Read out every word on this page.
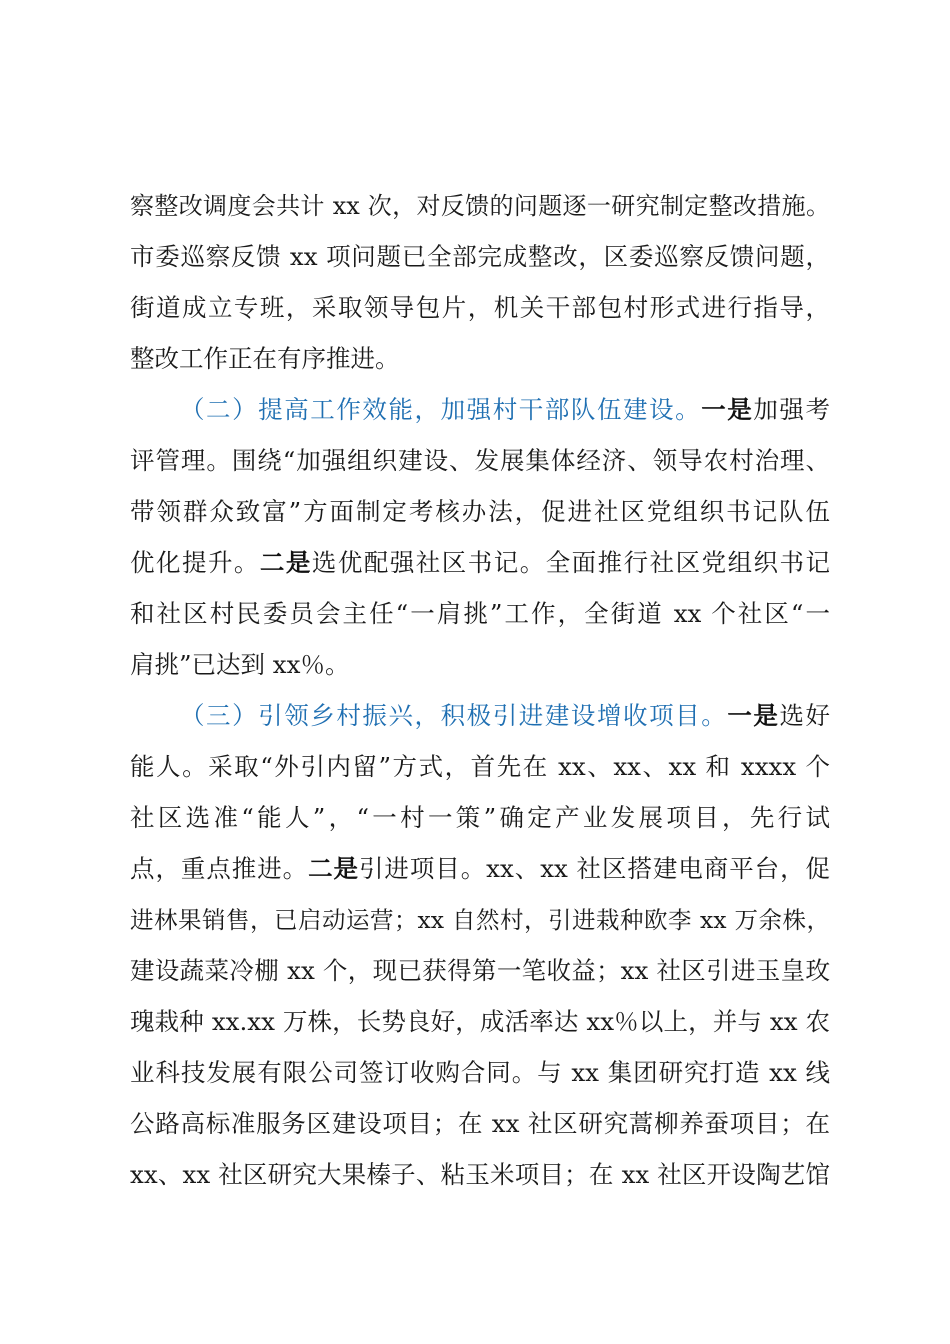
察整改调度会共计 xx 次，对反馈的问题逐一研究制定整改措施。
市委巡察反馈 xx 项问题已全部完成整改，区委巡察反馈问题，
街道成立专班，采取领导包片，机关干部包村形式进行指导，
整改工作正在有序推进。
（二）提高工作效能，加强村干部队伍建设。一是加强考
评管理。围绕“加强组织建设、发展集体经济、领导农村治理、
带领群众致富”方面制定考核办法，促进社区党组织书记队伍
优化提升。二是选优配强社区书记。全面推行社区党组织书记
和社区村民委员会主任“一肩挑”工作，全街道 xx 个社区“一
肩挑”已达到 xx％。
（三）引领乡村振兴，积极引进建设增收项目。一是选好
能人。采取“外引内留”方式，首先在 xx、xx、xx 和 xxxx 个
社区选准“能人”，“一村一策”确定产业发展项目，先行试
点，重点推进。二是引进项目。xx、xx 社区搭建电商平台，促
进林果销售，已启动运营；xx 自然村，引进栽种欧李 xx 万余株，
建设蔬菜冷棚 xx 个，现已获得第一笔收益；xx 社区引进玉皇玫
瑰栽种 xx.xx 万株，长势良好，成活率达 xx％以上，并与 xx 农
业科技发展有限公司签订收购合同。与 xx 集团研究打造 xx 线
公路高标准服务区建设项目；在 xx 社区研究蒿柳养蚕项目；在
xx、xx 社区研究大果榛子、粘玉米项目；在 xx 社区开设陶艺馆
